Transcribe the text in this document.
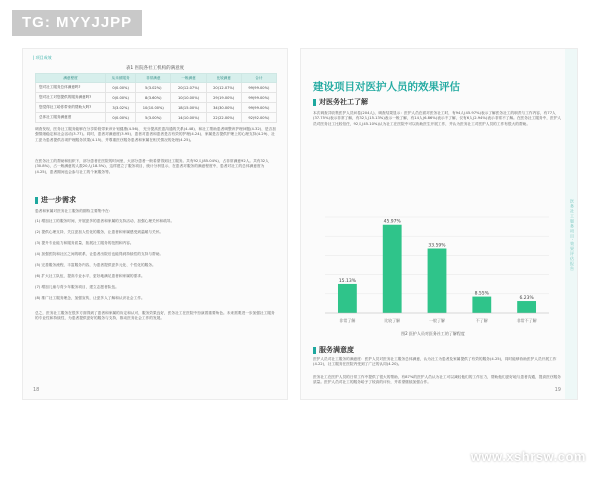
TG: MYYJJPP
| 项目成效
表1 医院各社工机构的满意度
满意程度	从未被服务	非常满意	一般满意	比较满意	合计
您对社工服务总体满意吗?	0(0.00%)	5(3.02%)	20(12.07%)	20(12.07%)	99(99.00%)
您对社工对您提供的服务满意吗?	0(0.00%)	8(3.60%)	10(10.00%)	29(19.00%)	99(99.00%)
您觉得社工给你带来的帮助大吗?	3(3.02%)	10(10.00%)	18(15.00%)	34(30.00%)	99(99.00%)
总体社工服务满意度	0(0.00%)	5(3.00%)	14(10.00%)	22(22.00%)	92(92.00%)
调查发现，医务社工服务能够在分享阶段带来该计划健康(4.56)、 充分提高医患沟通的关系(4.48)、和社工帮助患者调整该护理问题(4.32)、是否加强情绪稳定和社会活动(3.77)。同时，患者对满意度(3.95)、患者对患者和患者是否有效的护理(4.24)、家属是否提供护理上的心理支持(4.29)、社工更为患者提供各项护理服务效果(4.15)，并尊重医疗服务患者和家属在相关情况的处理(4.25)。
在医务社工的帮助和组织下，部分患者在医院的时间里，大部分患者一般希望得到社工服务。共有92人(85.04%)，占非常满意92人。共有32人(30.8%)，占一般满意的人数20人(18.5%)，这样建立了服务项目，统计分析显示，在患者对服务的满意程度中，患者对社工的总体满意度为(4.25)，患者期间也会参与社工的个案服务等。
进一步需求
患者和家属对医务社工服务的期待主要集中在:
(1) 增加社工的服务时间，开展更多的患者和家属的支持活动，加强心理关怀和疏导。
(2) 提供心理支持，关注更加人性化的服务，让患者和家属感受到温暖与关怀。
(3) 提升专业能力和服务质量，拓展社工服务的范围和内容。
(4) 加强医院和社区之间的联系，让患者出院后也能得到持续性的支持与帮助。
(5) 完善服务流程，丰富服务内容，为患者提供更多元化、个性化的服务。
(6) 扩大社工队伍，提高专业水平，更好地满足患者和家属的需求。
(7) 增加儿童与青少年服务项目，建立志愿者队伍。
(8) 推广社工服务理念，加强宣传，让更多人了解和认识社会工作。
总之，医务社工服务在很多方面得到了患者和家属的肯定和认可，服务效果良好，医务社工在医院中扮演着重要角色。未来需要进一步加强社工服务的专业性和持续性，为患者提供更好的服务与支持，推动医务社会工作的发展。
18
医务社工服务项目·效果评估报告
建设项目对医护人员的效果评估
对医务社工了解
本次调查共收集医护人员问卷(204人)，调查结果显示：医护人员在面对医务社工时，有94人(45.97%)表示了解医务社工的职责与工作内容，有77人(37.75%)表示非常了解，有32人(15.13%)表示一般了解，有14人(6.86%)表示不了解，仅有6人(2.94%)表示非常不了解。在医务社工服务中，医护人员对医务社工比较信任，92人(45.10%)认为社工在医院中可以协助医生开展工作，并认为医务社工对医护人员的工作有很大的帮助。
15.13%
非常了解
45.97%
比较了解
33.59%
一般了解
8.55%
不了解
6.23%
非常不了解
图2 医护人员对医务社工的了解程度
服务满意度
医护人员对社工服务的满意度：医护人员对医务社工服务总体满意，认为社工为患者及家属提供了有效的服务(4.25)，同时能够协助医护人员开展工作(4.22)，社工服务在医院内受到了广泛的认同(4.20)。
医务社工在医护人员的日常工作中提供了很大的帮助，有87%的医护人员认为社工可以减轻他们的工作压力，帮助他们更好地与患者沟通，提高医疗服务质量。医护人员对社工的服务给予了较高的评价，并希望继续加强合作。
19
www.xshrsw.com
